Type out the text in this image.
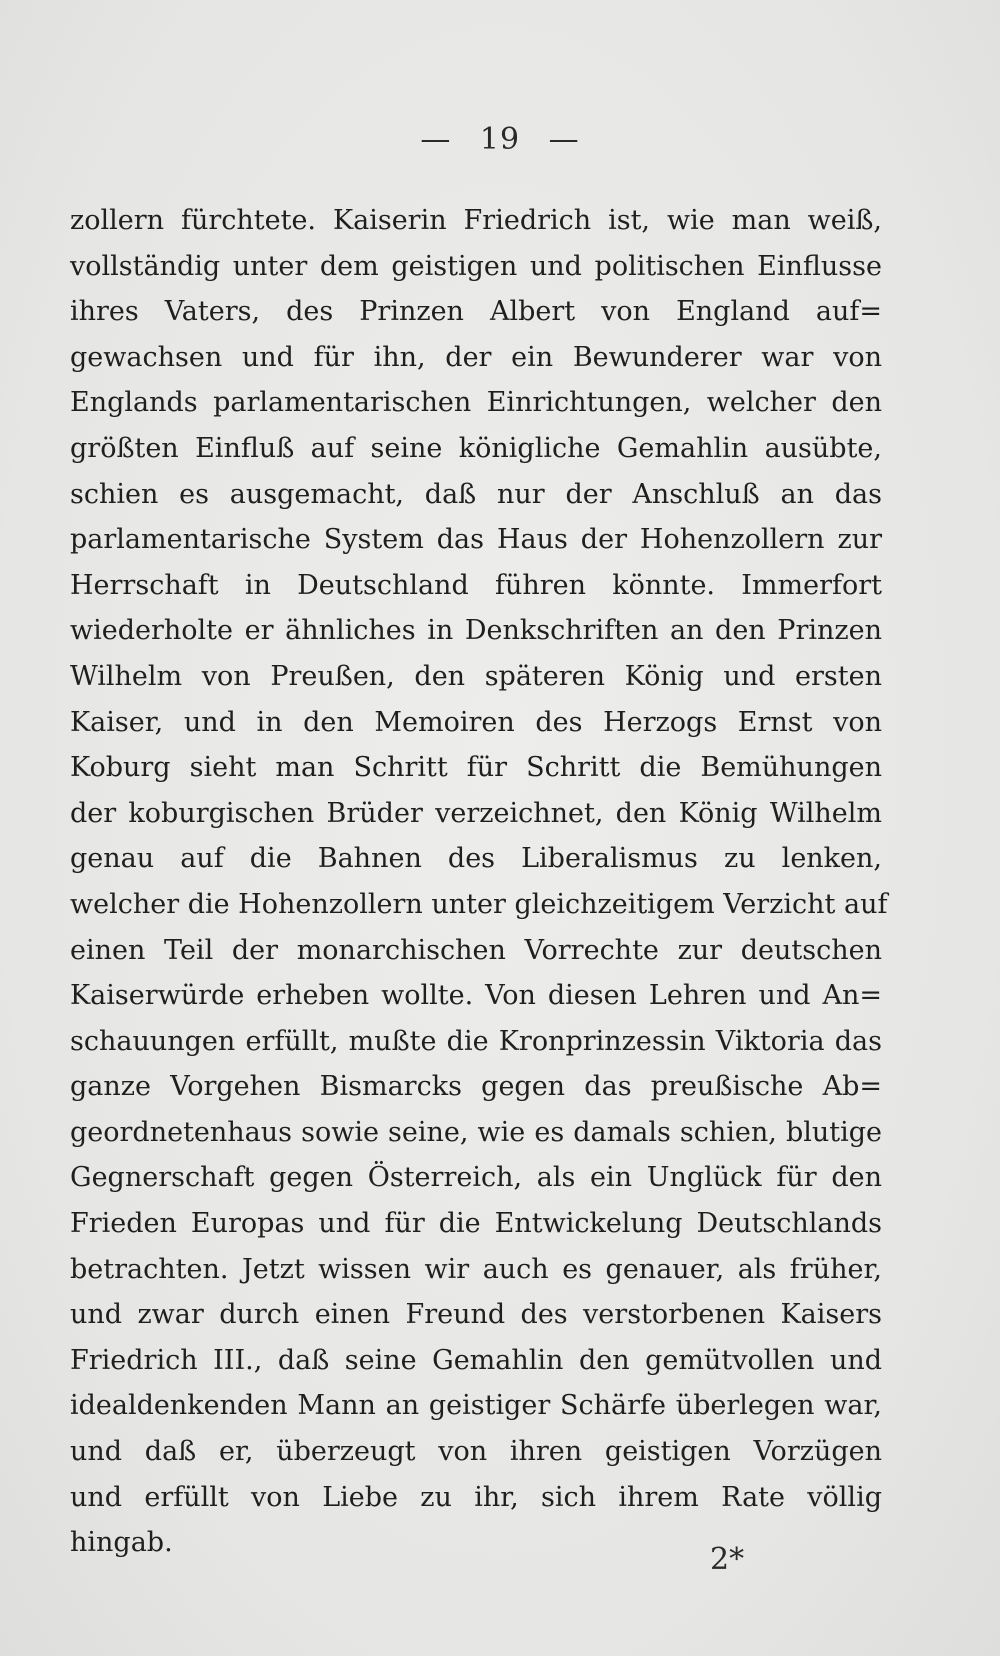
— 19 —
zollern fürchtete. Kaiserin Friedrich ist, wie man weiß,
vollständig unter dem geistigen und politischen Einflusse
ihres Vaters, des Prinzen Albert von England auf=
gewachsen und für ihn, der ein Bewunderer war von
Englands parlamentarischen Einrichtungen, welcher den
größten Einfluß auf seine königliche Gemahlin ausübte,
schien es ausgemacht, daß nur der Anschluß an das
parlamentarische System das Haus der Hohenzollern zur
Herrschaft in Deutschland führen könnte. Immerfort
wiederholte er ähnliches in Denkschriften an den Prinzen
Wilhelm von Preußen, den späteren König und ersten
Kaiser, und in den Memoiren des Herzogs Ernst von
Koburg sieht man Schritt für Schritt die Bemühungen
der koburgischen Brüder verzeichnet, den König Wilhelm
genau auf die Bahnen des Liberalismus zu lenken,
welcher die Hohenzollern unter gleichzeitigem Verzicht auf
einen Teil der monarchischen Vorrechte zur deutschen
Kaiserwürde erheben wollte. Von diesen Lehren und An=
schauungen erfüllt, mußte die Kronprinzessin Viktoria das
ganze Vorgehen Bismarcks gegen das preußische Ab=
geordnetenhaus sowie seine, wie es damals schien, blutige
Gegnerschaft gegen Österreich, als ein Unglück für den
Frieden Europas und für die Entwickelung Deutschlands
betrachten. Jetzt wissen wir auch es genauer, als früher,
und zwar durch einen Freund des verstorbenen Kaisers
Friedrich III., daß seine Gemahlin den gemütvollen und
idealdenkenden Mann an geistiger Schärfe überlegen war,
und daß er, überzeugt von ihren geistigen Vorzügen
und erfüllt von Liebe zu ihr, sich ihrem Rate völlig
hingab.	2*
